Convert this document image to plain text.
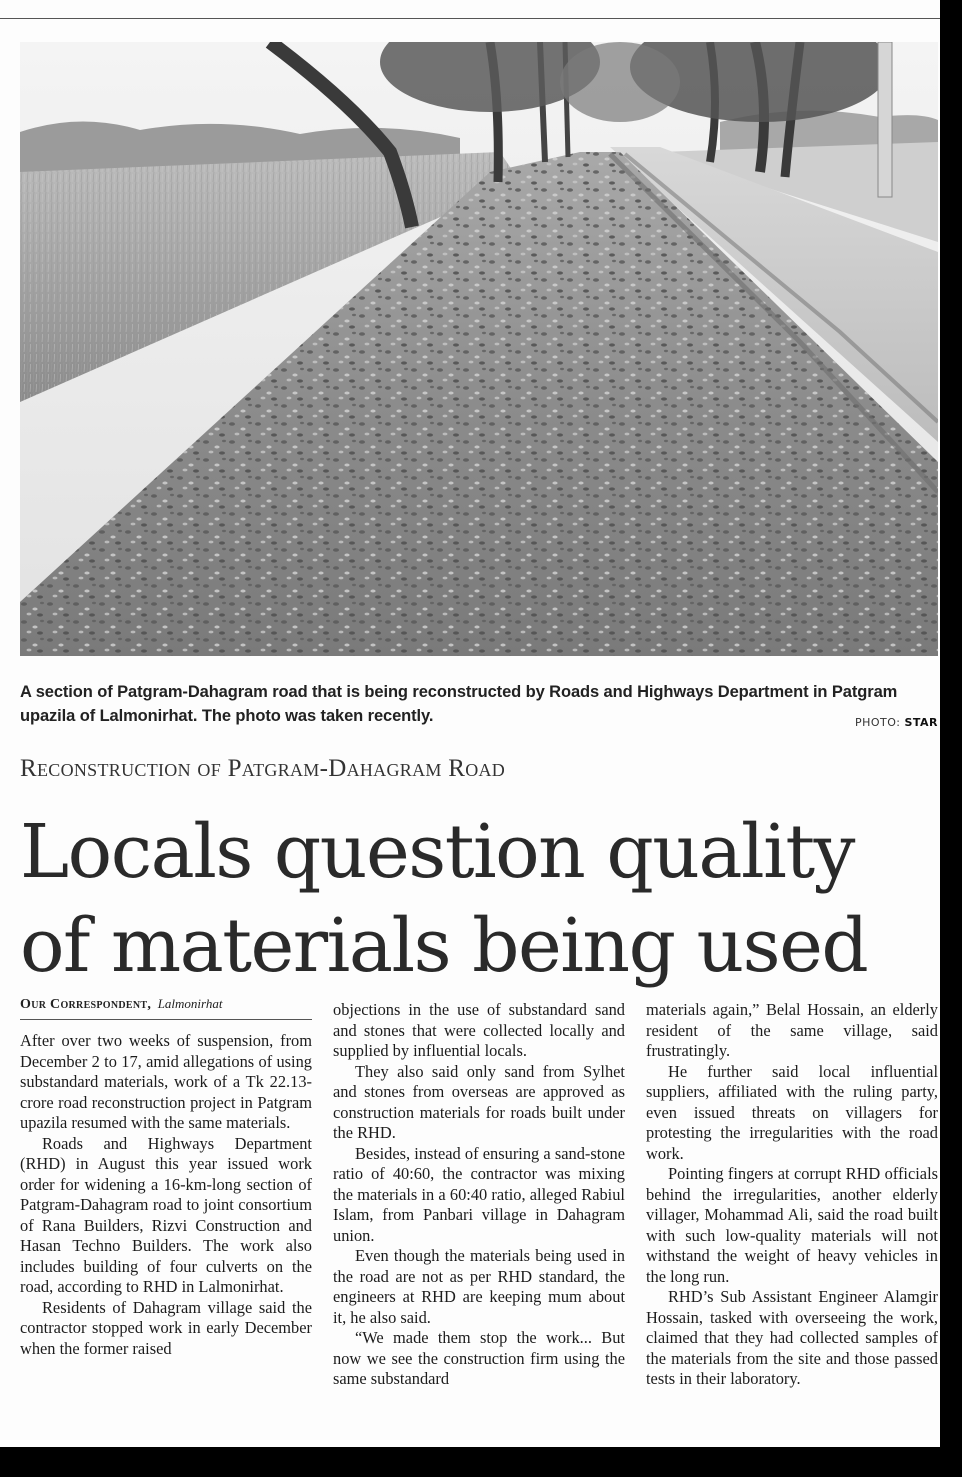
A section of Patgram-Dahagram road that is being reconstructed by Roads and Highways Department in Patgram upazila of Lalmonirhat. The photo was taken recently.	PHOTO: STAR
Reconstruction of Patgram-Dahagram Road
Locals question quality of materials being used
Our Correspondent, Lalmonirhat

After over two weeks of suspension, from December 2 to 17, amid allegations of using substandard materials, work of a Tk 22.13-crore road reconstruction project in Patgram upazila resumed with the same materials.

Roads and Highways Department (RHD) in August this year issued work order for widening a 16-km-long section of Patgram-Dahagram road to joint consortium of Rana Builders, Rizvi Construction and Hasan Techno Builders. The work also includes building of four culverts on the road, according to RHD in Lalmonirhat.

Residents of Dahagram village said the contractor stopped work in early December when the former raised

objections in the use of substandard sand and stones that were collected locally and supplied by influential locals.

They also said only sand from Sylhet and stones from overseas are approved as construction materials for roads built under the RHD.

Besides, instead of ensuring a sand-stone ratio of 40:60, the contractor was mixing the materials in a 60:40 ratio, alleged Rabiul Islam, from Panbari village in Dahagram union.

Even though the materials being used in the road are not as per RHD standard, the engineers at RHD are keeping mum about it, he also said.

“We made them stop the work... But now we see the construction firm using the same substandard

materials again,” Belal Hossain, an elderly resident of the same village, said frustratingly.

He further said local influential suppliers, affiliated with the ruling party, even issued threats on villagers for protesting the irregularities with the road work.

Pointing fingers at corrupt RHD officials behind the irregularities, another elderly villager, Mohammad Ali, said the road built with such low-quality materials will not withstand the weight of heavy vehicles in the long run.

RHD’s Sub Assistant Engineer Alamgir Hossain, tasked with overseeing the work, claimed that they had collected samples of the materials from the site and those passed tests in their laboratory.
